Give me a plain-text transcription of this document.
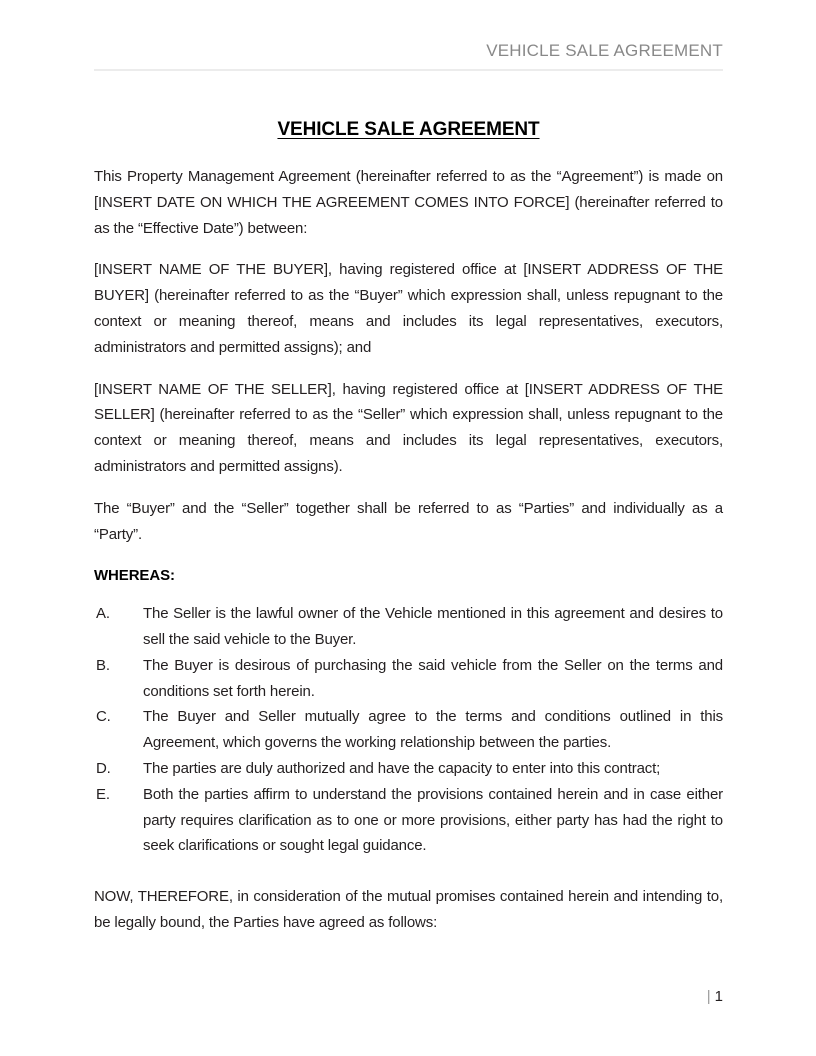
VEHICLE SALE AGREEMENT
VEHICLE SALE AGREEMENT

This Property Management Agreement (hereinafter referred to as the “Agreement”) is made on [INSERT DATE ON WHICH THE AGREEMENT COMES INTO FORCE] (hereinafter referred to as the “Effective Date”) between:

[INSERT NAME OF THE BUYER], having registered office at [INSERT ADDRESS OF THE BUYER] (hereinafter referred to as the “Buyer” which expression shall, unless repugnant to the context or meaning thereof, means and includes its legal representatives, executors, administrators and permitted assigns); and

[INSERT NAME OF THE SELLER], having registered office at [INSERT ADDRESS OF THE SELLER] (hereinafter referred to as the “Seller” which expression shall, unless repugnant to the context or meaning thereof, means and includes its legal representatives, executors, administrators and permitted assigns).

The “Buyer” and the “Seller” together shall be referred to as “Parties” and individually as a “Party”.

WHEREAS:
A.	The Seller is the lawful owner of the Vehicle mentioned in this agreement and desires to sell the said vehicle to the Buyer.
B.	The Buyer is desirous of purchasing the said vehicle from the Seller on the terms and conditions set forth herein.
C.	The Buyer and Seller mutually agree to the terms and conditions outlined in this Agreement, which governs the working relationship between the parties.
D.	The parties are duly authorized and have the capacity to enter into this contract;
E.	Both the parties affirm to understand the provisions contained herein and in case either party requires clarification as to one or more provisions, either party has had the right to seek clarifications or sought legal guidance.

NOW, THEREFORE, in consideration of the mutual promises contained herein and intending to, be legally bound, the Parties have agreed as follows:

| 1
